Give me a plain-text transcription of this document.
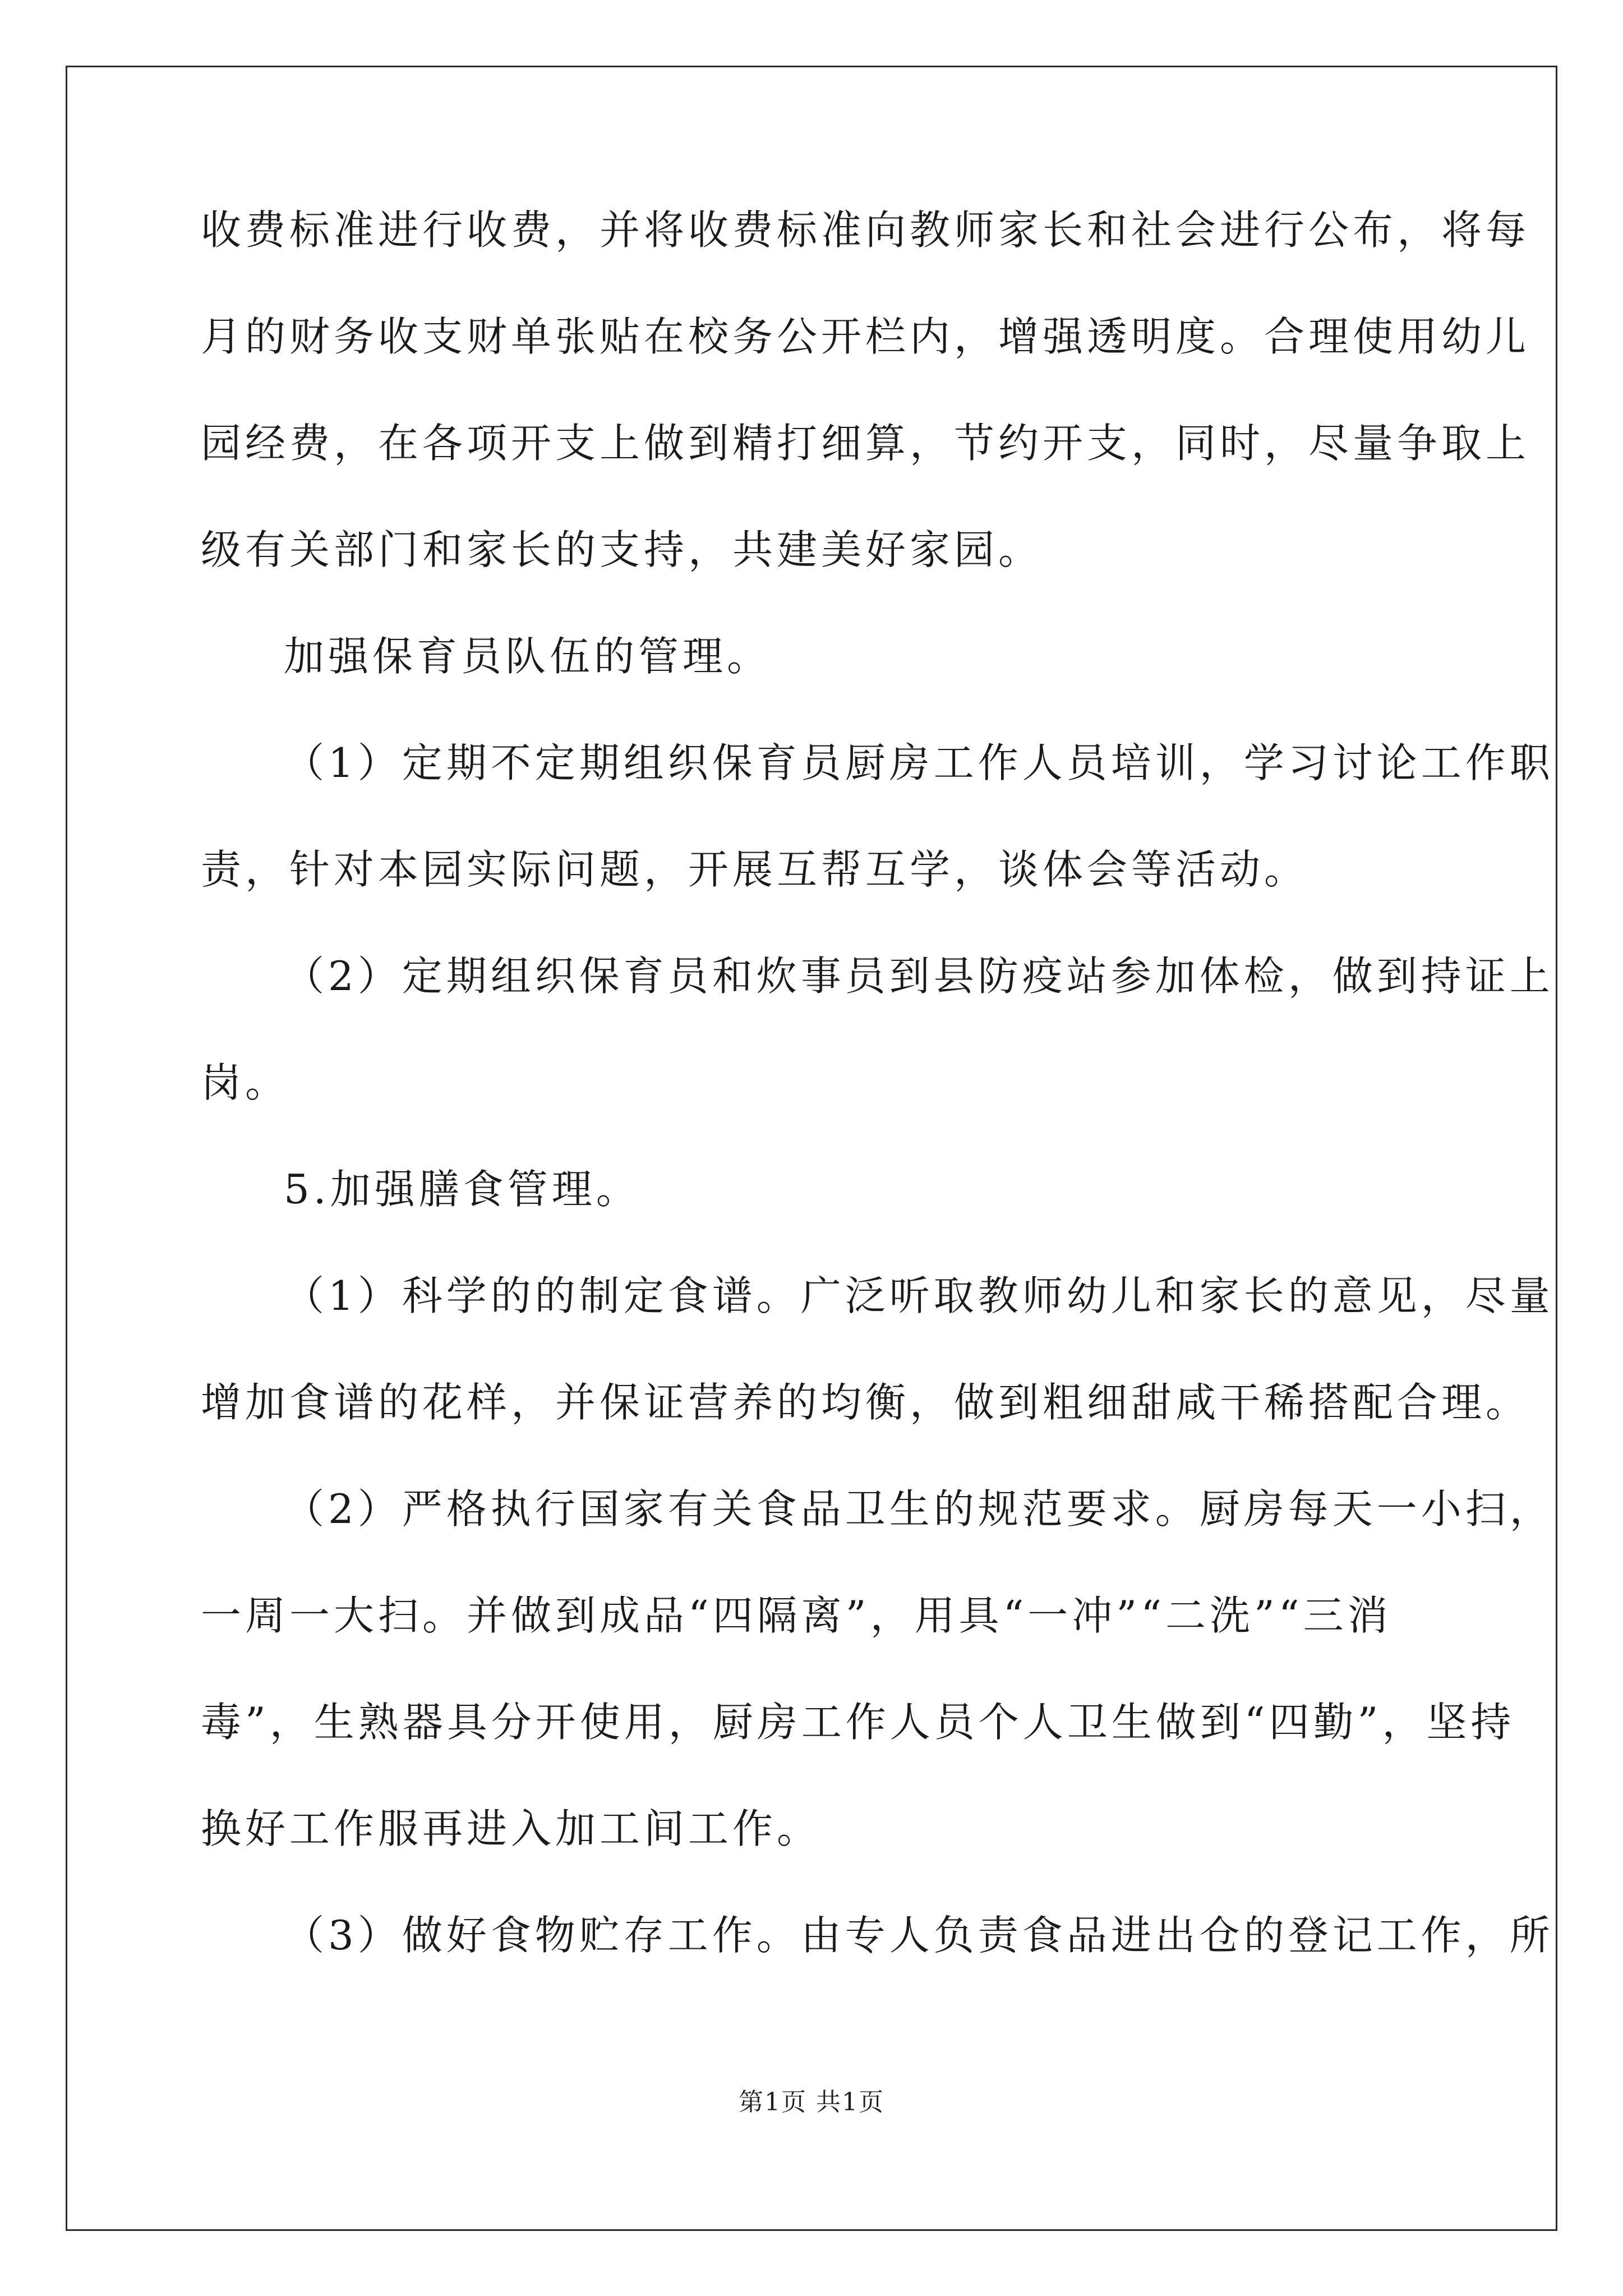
收费标准进行收费，并将收费标准向教师家长和社会进行公布，将每
月的财务收支财单张贴在校务公开栏内，增强透明度。合理使用幼儿
园经费，在各项开支上做到精打细算，节约开支，同时，尽量争取上
级有关部门和家长的支持，共建美好家园。
加强保育员队伍的管理。
（1）定期不定期组织保育员厨房工作人员培训，学习讨论工作职
责，针对本园实际问题，开展互帮互学，谈体会等活动。
（2）定期组织保育员和炊事员到县防疫站参加体检，做到持证上
岗。
5.加强膳食管理。
（1）科学的的制定食谱。广泛听取教师幼儿和家长的意见，尽量
增加食谱的花样，并保证营养的均衡，做到粗细甜咸干稀搭配合理。
（2）严格执行国家有关食品卫生的规范要求。厨房每天一小扫，
一周一大扫。并做到成品“四隔离”，用具“一冲”“二洗”“三消
毒”，生熟器具分开使用，厨房工作人员个人卫生做到“四勤”，坚持
换好工作服再进入加工间工作。
（3）做好食物贮存工作。由专人负责食品进出仓的登记工作，所
第1页 共1页
